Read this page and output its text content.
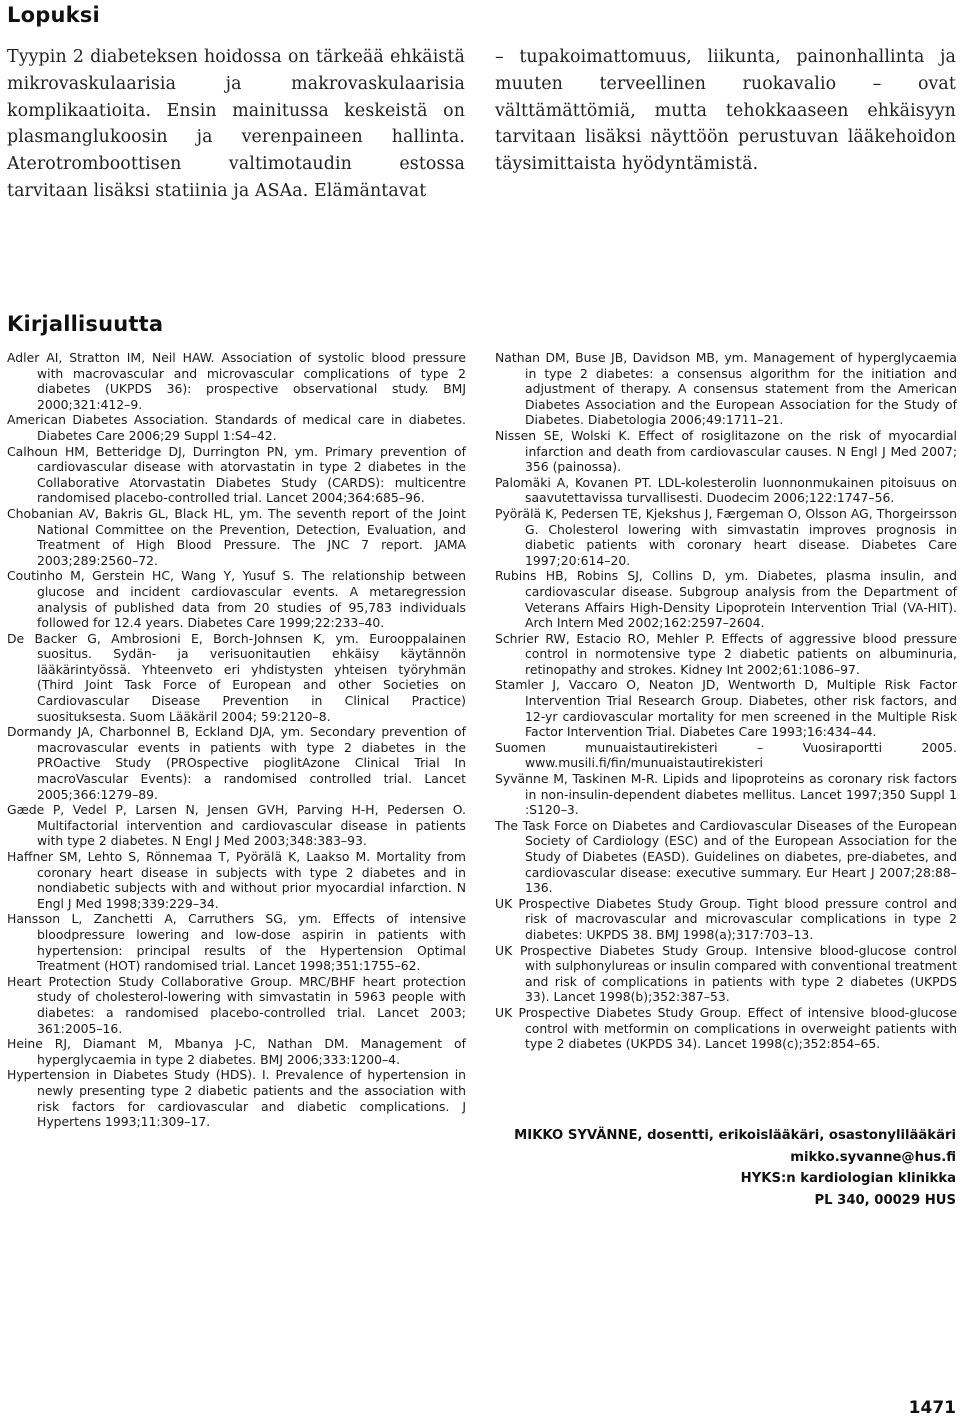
Lopuksi
Tyypin 2 diabeteksen hoidossa on tärkeää ehkäistä mikrovaskulaarisia ja makrovaskulaarisia komplikaatioita. Ensin mainitussa keskeistä on plasmanglukoosin ja verenpaineen hallinta. Aterotromboottisen valtimotaudin estossa tarvitaan lisäksi statiinia ja ASAa. Elämäntavat
– tupakoimattomuus, liikunta, painonhallinta ja muuten terveellinen ruokavalio – ovat välttämättömiä, mutta tehokkaaseen ehkäisyyn tarvitaan lisäksi näyttöön perustuvan lääkehoidon täysimittaista hyödyntämistä.
Kirjallisuutta
Adler AI, Stratton IM, Neil HAW. Association of systolic blood pressure with macrovascular and microvascular complications of type 2 diabetes (UKPDS 36): prospective observational study. BMJ 2000;321:412–9.
American Diabetes Association. Standards of medical care in diabetes. Diabetes Care 2006;29 Suppl 1:S4–42.
Calhoun HM, Betteridge DJ, Durrington PN, ym. Primary prevention of cardiovascular disease with atorvastatin in type 2 diabetes in the Collaborative Atorvastatin Diabetes Study (CARDS): multicentre randomised placebo-controlled trial. Lancet 2004;364:685–96.
Chobanian AV, Bakris GL, Black HL, ym. The seventh report of the Joint National Committee on the Prevention, Detection, Evaluation, and Treatment of High Blood Pressure. The JNC 7 report. JAMA 2003;289:2560–72.
Coutinho M, Gerstein HC, Wang Y, Yusuf S. The relationship between glucose and incident cardiovascular events. A metaregression analysis of published data from 20 studies of 95,783 individuals followed for 12.4 years. Diabetes Care 1999;22:233–40.
De Backer G, Ambrosioni E, Borch-Johnsen K, ym. Eurooppalainen suositus. Sydän- ja verisuonitautien ehkäisy käytännön lääkärintyössä. Yhteenveto eri yhdistysten yhteisen työryhmän (Third Joint Task Force of European and other Societies on Cardiovascular Disease Prevention in Clinical Practice) suosituksesta. Suom Lääkäril 2004; 59:2120–8.
Dormandy JA, Charbonnel B, Eckland DJA, ym. Secondary prevention of macrovascular events in patients with type 2 diabetes in the PROactive Study (PROspective pioglitAzone Clinical Trial In macroVascular Events): a randomised controlled trial. Lancet 2005;366:1279–89.
Gæde P, Vedel P, Larsen N, Jensen GVH, Parving H-H, Pedersen O. Multifactorial intervention and cardiovascular disease in patients with type 2 diabetes. N Engl J Med 2003;348:383–93.
Haffner SM, Lehto S, Rönnemaa T, Pyörälä K, Laakso M. Mortality from coronary heart disease in subjects with type 2 diabetes and in nondiabetic subjects with and without prior myocardial infarction. N Engl J Med 1998;339:229–34.
Hansson L, Zanchetti A, Carruthers SG, ym. Effects of intensive bloodpressure lowering and low-dose aspirin in patients with hypertension: principal results of the Hypertension Optimal Treatment (HOT) randomised trial. Lancet 1998;351:1755–62.
Heart Protection Study Collaborative Group. MRC/BHF heart protection study of cholesterol-lowering with simvastatin in 5963 people with diabetes: a randomised placebo-controlled trial. Lancet 2003; 361:2005–16.
Heine RJ, Diamant M, Mbanya J-C, Nathan DM. Management of hyperglycaemia in type 2 diabetes. BMJ 2006;333:1200–4.
Hypertension in Diabetes Study (HDS). I. Prevalence of hypertension in newly presenting type 2 diabetic patients and the association with risk factors for cardiovascular and diabetic complications. J Hypertens 1993;11:309–17.
Nathan DM, Buse JB, Davidson MB, ym. Management of hyperglycaemia in type 2 diabetes: a consensus algorithm for the initiation and adjustment of therapy. A consensus statement from the American Diabetes Association and the European Association for the Study of Diabetes. Diabetologia 2006;49:1711–21.
Nissen SE, Wolski K. Effect of rosiglitazone on the risk of myocardial infarction and death from cardiovascular causes. N Engl J Med 2007; 356 (painossa).
Palomäki A, Kovanen PT. LDL-kolesterolin luonnonmukainen pitoisuus on saavutettavissa turvallisesti. Duodecim 2006;122:1747–56.
Pyörälä K, Pedersen TE, Kjekshus J, Færgeman O, Olsson AG, Thorgeirsson G. Cholesterol lowering with simvastatin improves prognosis in diabetic patients with coronary heart disease. Diabetes Care 1997;20:614–20.
Rubins HB, Robins SJ, Collins D, ym. Diabetes, plasma insulin, and cardiovascular disease. Subgroup analysis from the Department of Veterans Affairs High-Density Lipoprotein Intervention Trial (VA-HIT). Arch Intern Med 2002;162:2597–2604.
Schrier RW, Estacio RO, Mehler P. Effects of aggressive blood pressure control in normotensive type 2 diabetic patients on albuminuria, retinopathy and strokes. Kidney Int 2002;61:1086–97.
Stamler J, Vaccaro O, Neaton JD, Wentworth D, Multiple Risk Factor Intervention Trial Research Group. Diabetes, other risk factors, and 12-yr cardiovascular mortality for men screened in the Multiple Risk Factor Intervention Trial. Diabetes Care 1993;16:434–44.
Suomen munuaistautirekisteri – Vuosiraportti 2005. www.musili.fi/fin/munuaistautirekisteri
Syvänne M, Taskinen M-R. Lipids and lipoproteins as coronary risk factors in non-insulin-dependent diabetes mellitus. Lancet 1997;350 Suppl 1 :S120–3.
The Task Force on Diabetes and Cardiovascular Diseases of the European Society of Cardiology (ESC) and of the European Association for the Study of Diabetes (EASD). Guidelines on diabetes, pre-diabetes, and cardiovascular disease: executive summary. Eur Heart J 2007;28:88–136.
UK Prospective Diabetes Study Group. Tight blood pressure control and risk of macrovascular and microvascular complications in type 2 diabetes: UKPDS 38. BMJ 1998(a);317:703–13.
UK Prospective Diabetes Study Group. Intensive blood-glucose control with sulphonylureas or insulin compared with conventional treatment and risk of complications in patients with type 2 diabetes (UKPDS 33). Lancet 1998(b);352:387–53.
UK Prospective Diabetes Study Group. Effect of intensive blood-glucose control with metformin on complications in overweight patients with type 2 diabetes (UKPDS 34). Lancet 1998(c);352:854–65.
MIKKO SYVÄNNE, dosentti, erikoislääkäri, osastonylilääkäri
mikko.syvanne@hus.fi
HYKS:n kardiologian klinikka
PL 340, 00029 HUS
1471
